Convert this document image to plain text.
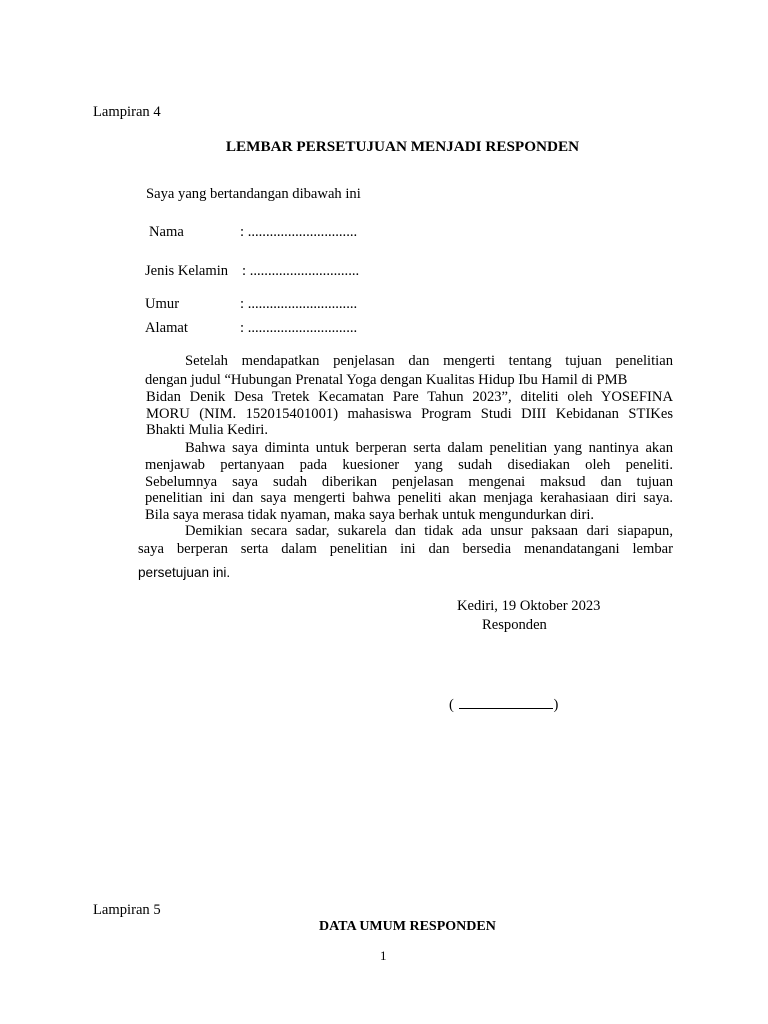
Lampiran 4
LEMBAR PERSETUJUAN MENJADI RESPONDEN
Saya yang bertandangan dibawah ini
Nama	: ..............................
Jenis Kelamin : ..............................
Umur	: ..............................
Alamat	: ..............................
Setelah mendapatkan penjelasan dan mengerti tentang tujuan penelitian
dengan judul “Hubungan Prenatal Yoga dengan Kualitas Hidup Ibu Hamil di PMB
Bidan Denik Desa Tretek Kecamatan Pare Tahun 2023”, diteliti oleh YOSEFINA
MORU (NIM. 152015401001) mahasiswa Program Studi DIII Kebidanan STIKes
Bhakti Mulia Kediri.
Bahwa saya diminta untuk berperan serta dalam penelitian yang nantinya akan
menjawab pertanyaan pada kuesioner yang sudah disediakan oleh peneliti.
Sebelumnya saya sudah diberikan penjelasan mengenai maksud dan tujuan
penelitian ini dan saya mengerti bahwa peneliti akan menjaga kerahasiaan diri saya.
Bila saya merasa tidak nyaman, maka saya berhak untuk mengundurkan diri.
Demikian secara sadar, sukarela dan tidak ada unsur paksaan dari siapapun,
saya berperan serta dalam penelitian ini dan bersedia menandatangani lembar
persetujuan ini.
Kediri, 19 Oktober 2023
Responden
(	)
Lampiran 5
DATA UMUM RESPONDEN
1
